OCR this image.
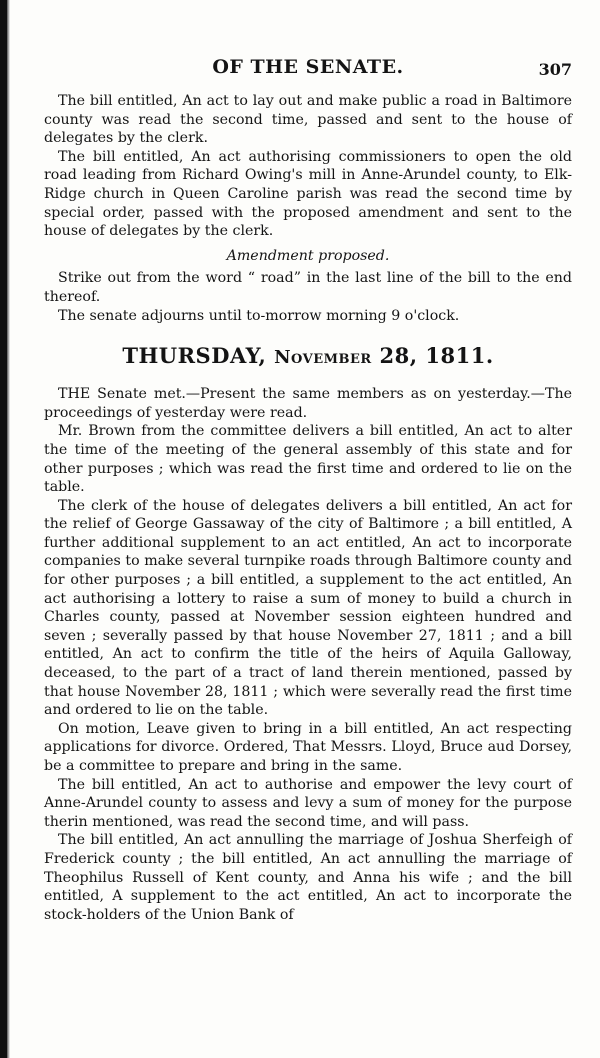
OF THE SENATE.	307

The bill entitled, An act to lay out and make public a road in Baltimore county was read the second time, passed and sent to the house of delegates by the clerk.

The bill entitled, An act authorising commissioners to open the old road leading from Richard Owing's mill in Anne-Arundel county, to Elk-Ridge church in Queen Caroline parish was read the second time by special order, passed with the proposed amendment and sent to the house of delegates by the clerk.

Amendment proposed.

Strike out from the word “ road” in the last line of the bill to the end thereof.

The senate adjourns until to-morrow morning 9 o'clock.

THURSDAY, November 28, 1811.

THE Senate met.—Present the same members as on yesterday.—The proceedings of yesterday were read.

Mr. Brown from the committee delivers a bill entitled, An act to alter the time of the meeting of the general assembly of this state and for other purposes ; which was read the first time and ordered to lie on the table.

The clerk of the house of delegates delivers a bill entitled, An act for the relief of George Gassaway of the city of Baltimore ; a bill entitled, A further additional supplement to an act entitled, An act to incorporate companies to make several turnpike roads through Baltimore county and for other purposes ; a bill entitled, a supplement to the act entitled, An act authorising a lottery to raise a sum of money to build a church in Charles county, passed at November session eighteen hundred and seven ; severally passed by that house November 27, 1811 ; and a bill entitled, An act to confirm the title of the heirs of Aquila Galloway, deceased, to the part of a tract of land therein mentioned, passed by that house November 28, 1811 ; which were severally read the first time and ordered to lie on the table.

On motion, Leave given to bring in a bill entitled, An act respecting applications for divorce. Ordered, That Messrs. Lloyd, Bruce aud Dorsey, be a committee to prepare and bring in the same.

The bill entitled, An act to authorise and empower the levy court of Anne-Arundel county to assess and levy a sum of money for the purpose therin mentioned, was read the second time, and will pass.

The bill entitled, An act annulling the marriage of Joshua Sherfeigh of Frederick county ; the bill entitled, An act annulling the marriage of Theophilus Russell of Kent county, and Anna his wife ; and the bill entitled, A supplement to the act entitled, An act to incorporate the stock-holders of the Union Bank of
